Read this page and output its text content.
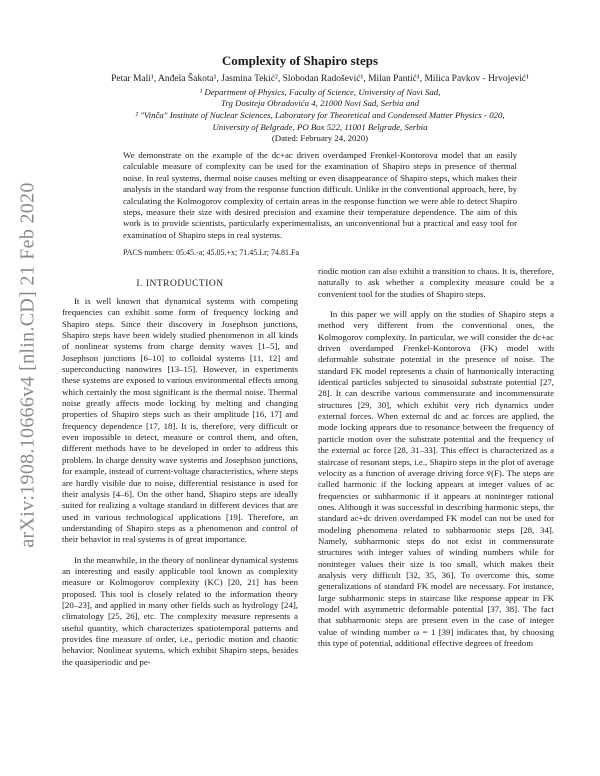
arXiv:1908.10666v4 [nlin.CD] 21 Feb 2020
Complexity of Shapiro steps
Petar Mali¹, Anđela Šakota¹, Jasmina Tekić², Slobodan Radošević¹, Milan Pantić¹, Milica Pavkov - Hrvojević¹
¹ Department of Physics, Faculty of Science, University of Novi Sad,
Trg Dositeja Obradovića 4, 21000 Novi Sad, Serbia and
² "Vinča" Institute of Nuclear Sciences, Laboratory for Theoretical and Condensed Matter Physics - 020,
University of Belgrade, PO Box 522, 11001 Belgrade, Serbia
(Dated: February 24, 2020)
We demonstrate on the example of the dc+ac driven overdamped Frenkel-Kontorova model that an easily calculable measure of complexity can be used for the examination of Shapiro steps in presence of thermal noise. In real systems, thermal noise causes melting or even disappearance of Shapiro steps, which makes their analysis in the standard way from the response function difficult. Unlike in the conventional approach, here, by calculating the Kolmogorov complexity of certain areas in the response function we were able to detect Shapiro steps, measure their size with desired precision and examine their temperature dependence. The aim of this work is to provide scientists, particularly experimentalists, an unconventional but a practical and easy tool for examination of Shapiro steps in real systems.
PACS numbers: 05.45.-a; 45.05.+x; 71.45.Lr; 74.81.Fa
I. INTRODUCTION

It is well known that dynamical systems with competing frequencies can exhibit some form of frequency locking and Shapiro steps. Since their discovery in Josephson junctions, Shapiro steps have been widely studied phenomenon in all kinds of nonlinear systems from charge density waves [1–5], and Josephson junctions [6–10] to colloidal systems [11, 12] and superconducting nanowires [13–15]. However, in experiments these systems are exposed to various environmental effects among which certainly the most significant is the thermal noise. Thermal noise greatly affects mode locking by melting and changing properties of Shapiro steps such as their amplitude [16, 17] and frequency dependence [17, 18]. It is, therefore, very difficult or even impossible to detect, measure or control them, and often, different methods have to be developed in order to address this problem. In charge density wave systems and Josephson junctions, for example, instead of current-voltage characteristics, where steps are hardly visible due to noise, differential resistance is used for their analysis [4–6]. On the other hand, Shapiro steps are ideally suited for realizing a voltage standard in different devices that are used in various technological applications [19]. Therefore, an understanding of Shapiro steps as a phenomenon and control of their behavior in real systems is of great importance.

In the meanwhile, in the theory of nonlinear dynamical systems an interesting and easily applicable tool known as complexity measure or Kolmogorov complexity (KC) [20, 21] has been proposed. This tool is closely related to the information theory [20–23], and applied in many other fields such as hydrology [24], climatology [25, 26], etc. The complexity measure represents a useful quantity, which characterizes spatiotemporal patterns and provides fine measure of order, i.e., periodic motion and chaotic behavior. Nonlinear systems, which exhibit Shapiro steps, besides the quasiperiodic and pe-

riodic motion can also exhibit a transition to chaos. It is, therefore, naturally to ask whether a complexity measure could be a convenient tool for the studies of Shapiro steps.

In this paper we will apply on the studies of Shapiro steps a method very different from the conventional ones, the Kolmogorov complexity. In particular, we will consider the dc+ac driven overdamped Frenkel-Kontorova (FK) model with deformable substrate potential in the presence of noise. The standard FK model represents a chain of harmonically interacting identical particles subjected to sinusoidal substrate potential [27, 28]. It can describe various commensurate and incommensurate structures [29, 30], which exhibit very rich dynamics under external forces. When external dc and ac forces are applied, the mode locking appears due to resonance between the frequency of particle motion over the substrate potential and the frequency of the external ac force [28, 31–33]. This effect is characterized as a staircase of resonant steps, i.e., Shapiro steps in the plot of average velocity as a function of average driving force v̄(F). The steps are called harmonic if the locking appears at integer values of ac frequencies or subharmonic if it appears at noninteger rational ones. Although it was successful in describing harmonic steps, the standard ac+dc driven overdamped FK model can not be used for modeling phenomena related to subharmonic steps [28, 34]. Namely, subharmonic steps do not exist in commensurate structures with integer values of winding numbers while for noninteger values their size is too small, which makes their analysis very difficult [32, 35, 36]. To overcome this, some generalizations of standard FK model are necessary. For instance, large subharmonic steps in staircase like response appear in FK model with asymmetric deformable potential [37, 38]. The fact that subharmonic steps are present even in the case of integer value of winding number ω = 1 [39] indicates that, by choosing this type of potential, additional effective degrees of freedom
